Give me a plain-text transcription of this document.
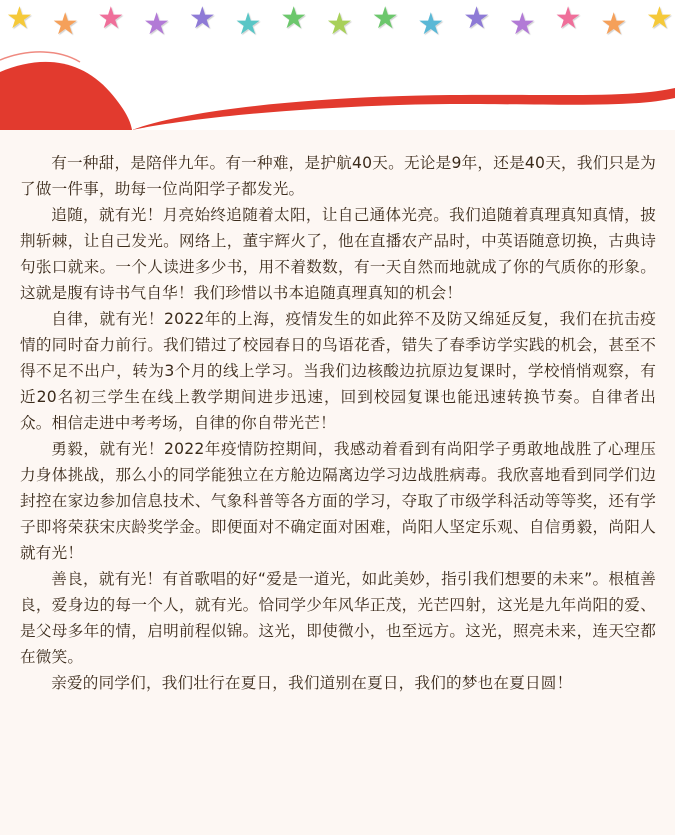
★ ★ ★ ★ ★ ★ ★ ★ ★ ★ ★ ★ ★ ★ ★

有一种甜，是陪伴九年。有一种难，是护航40天。无论是9年，还是40天，我们只是为了做一件事，助每一位尚阳学子都发光。

追随，就有光！月亮始终追随着太阳，让自己通体光亮。我们追随着真理真知真情，披荆斩棘，让自己发光。网络上，董宇辉火了，他在直播农产品时，中英语随意切换，古典诗句张口就来。一个人读进多少书，用不着数数，有一天自然而地就成了你的气质你的形象。这就是腹有诗书气自华！我们珍惜以书本追随真理真知的机会！

自律，就有光！2022年的上海，疫情发生的如此猝不及防又绵延反复，我们在抗击疫情的同时奋力前行。我们错过了校园春日的鸟语花香，错失了春季访学实践的机会，甚至不得不足不出户，转为3个月的线上学习。当我们边核酸边抗原边复课时，学校悄悄观察，有近20名初三学生在线上教学期间进步迅速，回到校园复课也能迅速转换节奏。自律者出众。相信走进中考考场，自律的你自带光芒！

勇毅，就有光！2022年疫情防控期间，我感动着看到有尚阳学子勇敢地战胜了心理压力身体挑战，那么小的同学能独立在方舱边隔离边学习边战胜病毒。我欣喜地看到同学们边封控在家边参加信息技术、气象科普等各方面的学习，夺取了市级学科活动等等奖，还有学子即将荣获宋庆龄奖学金。即便面对不确定面对困难，尚阳人坚定乐观、自信勇毅，尚阳人就有光！

善良，就有光！有首歌唱的好“爱是一道光，如此美妙，指引我们想要的未来”。根植善良，爱身边的每一个人，就有光。恰同学少年风华正茂，光芒四射，这光是九年尚阳的爱、是父母多年的情，启明前程似锦。这光，即使微小，也至远方。这光，照亮未来，连天空都在微笑。

亲爱的同学们，我们壮行在夏日，我们道别在夏日，我们的梦也在夏日圆！
